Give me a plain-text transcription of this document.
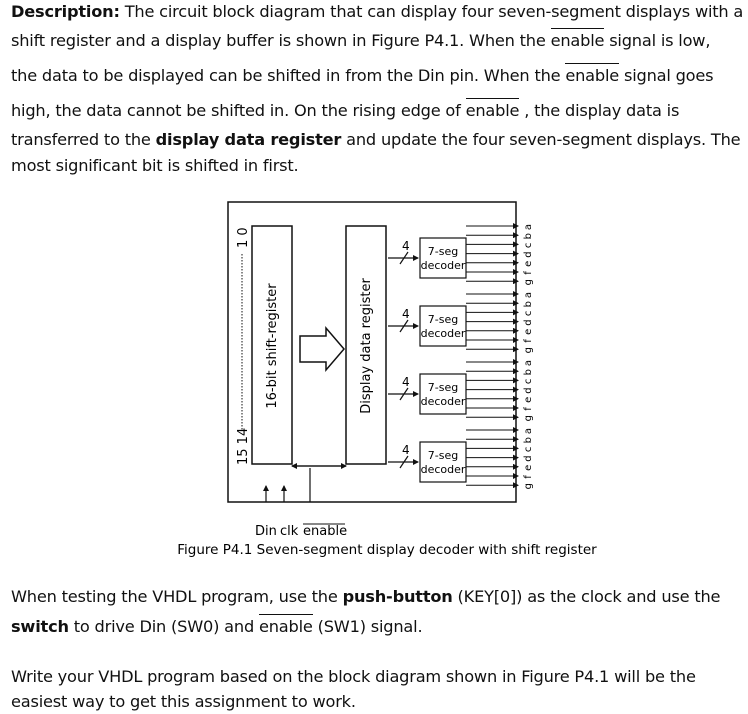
Description: The circuit block diagram that can display four seven-segment displays with a
shift register and a display buffer is shown in Figure P4.1. When the enable signal is low,
the data to be displayed can be shifted in from the Din pin. When the enable signal goes
high, the data cannot be shifted in. On the rising edge of enable , the display data is
transferred to the display data register and update the four seven-segment displays. The
most significant bit is shifted in first.
16-bit shift-register
15 14
1 0
Display data register
Din clk enable
4 7-seg
decoder
a
b
c
d
e
f
g
4 7-seg
decoder
a
b
c
d
e
f
g
4 7-seg
decoder
a
b
c
d
e
f
g
4 7-seg
decoder
a
b
c
d
e
f
g
Figure P4.1 Seven-segment display decoder with shift register
When testing the VHDL program, use the push-button (KEY[0]) as the clock and use the
switch to drive Din (SW0) and enable (SW1) signal.
Write your VHDL program based on the block diagram shown in Figure P4.1 will be the
easiest way to get this assignment to work.
